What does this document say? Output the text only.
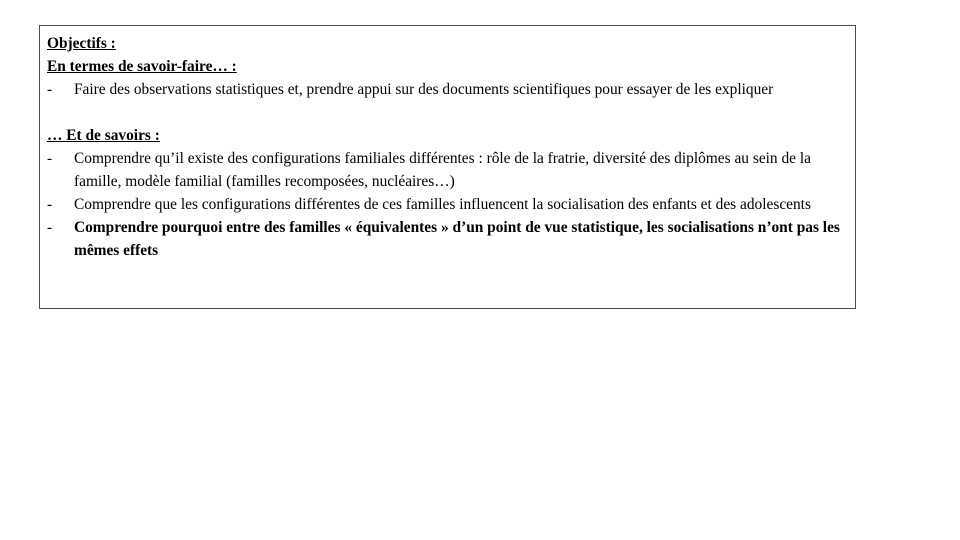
Objectifs :
En termes de savoir-faire… :
- Faire des observations statistiques et, prendre appui sur des documents scientifiques pour essayer de les expliquer
… Et de savoirs :
- Comprendre qu’il existe des configurations familiales différentes : rôle de la fratrie, diversité des diplômes au sein de la famille, modèle familial (familles recomposées, nucléaires…)
- Comprendre que les configurations différentes de ces familles influencent la socialisation des enfants et des adolescents
- Comprendre pourquoi entre des familles « équivalentes » d’un point de vue statistique, les socialisations n’ont pas les mêmes effets
